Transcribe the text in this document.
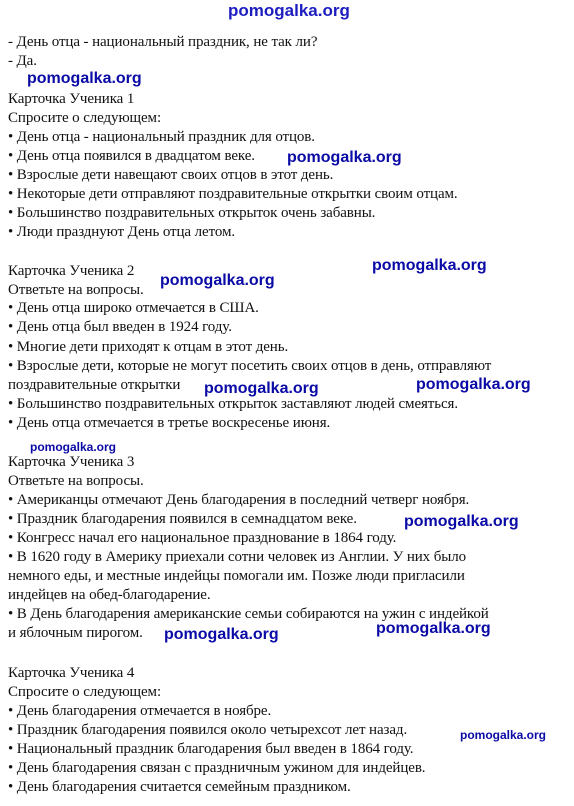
pomogalka.org
- День отца - национальный праздник, не так ли?
- Да.
pomogalka.org
Карточка Ученика 1
Спросите о следующем:
• День отца - национальный праздник для отцов.
• День отца появился в двадцатом веке. pomogalka.org
• Взрослые дети навещают своих отцов в этот день.
• Некоторые дети отправляют поздравительные открытки своим отцам.
• Большинство поздравительных открыток очень забавны.
• Люди празднуют День отца летом.
pomogalka.org
Карточка Ученика 2
pomogalka.org
Ответьте на вопросы.
• День отца широко отмечается в США.
• День отца был введен в 1924 году.
• Многие дети приходят к отцам в этот день.
• Взрослые дети, которые не могут посетить своих отцов в день, отправляют
поздравительные открытки	pomogalka.org
pomogalka.org
• Большинство поздравительных открыток заставляют людей смеяться.
• День отца отмечается в третье воскресенье июня.
pomogalka.org
Карточка Ученика 3
Ответьте на вопросы.
• Американцы отмечают День благодарения в последний четверг ноября.
• Праздник благодарения появился в семнадцатом веке.	pomogalka.org
• Конгресс начал его национальное празднование в 1864 году.
• В 1620 году в Америку приехали сотни человек из Англии. У них было
немного еды, и местные индейцы помогали им. Позже люди пригласили
индейцев на обед-благодарение.
• В День благодарения американские семьи собираются на ужин с индейкой
pomogalka.org
и яблочным пирогом. pomogalka.org
Карточка Ученика 4
Спросите о следующем:
• День благодарения отмечается в ноябре.
• Праздник благодарения появился около четырехсот лет назад.	pomogalka.org
• Национальный праздник благодарения был введен в 1864 году.
• День благодарения связан с праздничным ужином для индейцев.
• День благодарения считается семейным праздником.
